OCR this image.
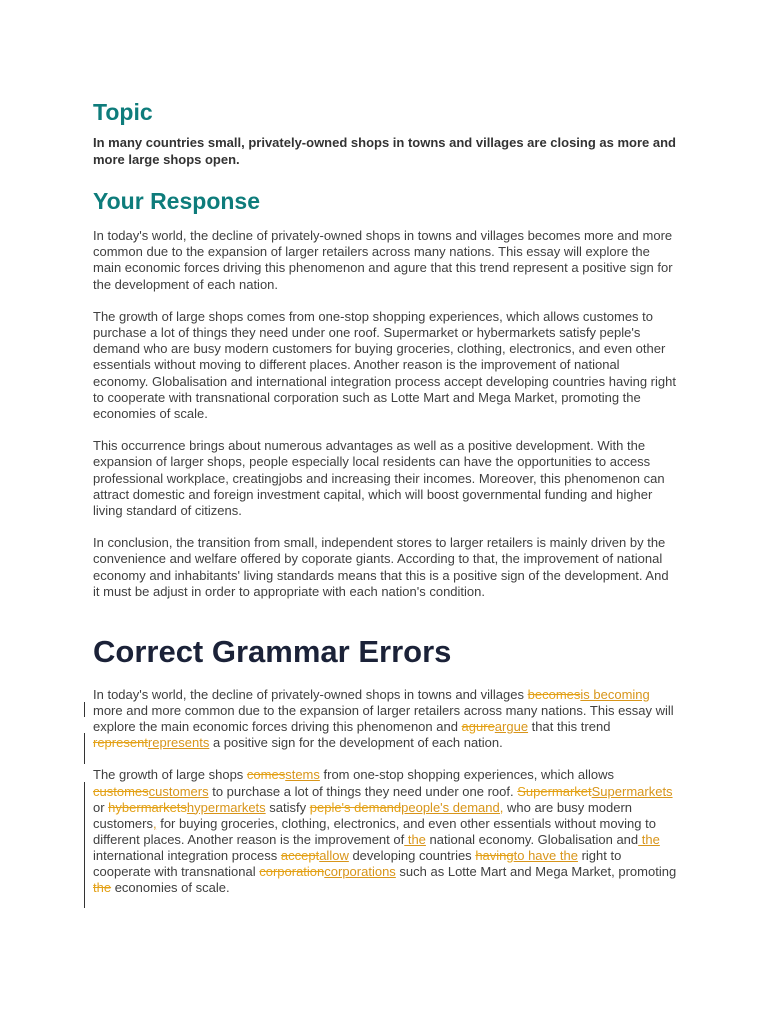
Topic

In many countries small, privately-owned shops in towns and villages are closing as more and more large shops open.

Your Response

In today's world, the decline of privately-owned shops in towns and villages becomes more and more common due to the expansion of larger retailers across many nations. This essay will explore the main economic forces driving this phenomenon and agure that this trend represent a positive sign for the development of each nation.

The growth of large shops comes from one-stop shopping experiences, which allows customes to purchase a lot of things they need under one roof. Supermarket or hybermarkets satisfy peple's demand who are busy modern customers for buying groceries, clothing, electronics, and even other essentials without moving to different places. Another reason is the improvement of national economy. Globalisation and international integration process accept developing countries having right to cooperate with transnational corporation such as Lotte Mart and Mega Market, promoting the economies of scale.

This occurrence brings about numerous advantages as well as a positive development. With the expansion of larger shops, people especially local residents can have the opportunities to access professional workplace, creatingjobs and increasing their incomes. Moreover, this phenomenon can attract domestic and foreign investment capital, which will boost governmental funding and higher living standard of citizens.

In conclusion, the transition from small, independent stores to larger retailers is mainly driven by the convenience and welfare offered by coporate giants. According to that, the improvement of national economy and inhabitants' living standards means that this is a positive sign of the development. And it must be adjust in order to appropriate with each nation's condition.

Correct Grammar Errors

In today's world, the decline of privately-owned shops in towns and villages becomesis becoming more and more common due to the expansion of larger retailers across many nations. This essay will explore the main economic forces driving this phenomenon and agureargue that this trend representrepresents a positive sign for the development of each nation.

The growth of large shops comesstems from one-stop shopping experiences, which allows customescustomers to purchase a lot of things they need under one roof. SupermarketSupermarkets or hybermarketshypermarkets satisfy peple's demandpeople's demand, who are busy modern customers, for buying groceries, clothing, electronics, and even other essentials without moving to different places. Another reason is the improvement of the national economy. Globalisation and the international integration process acceptallow developing countries havingto have the right to cooperate with transnational corporationcorporations such as Lotte Mart and Mega Market, promoting the economies of scale.
